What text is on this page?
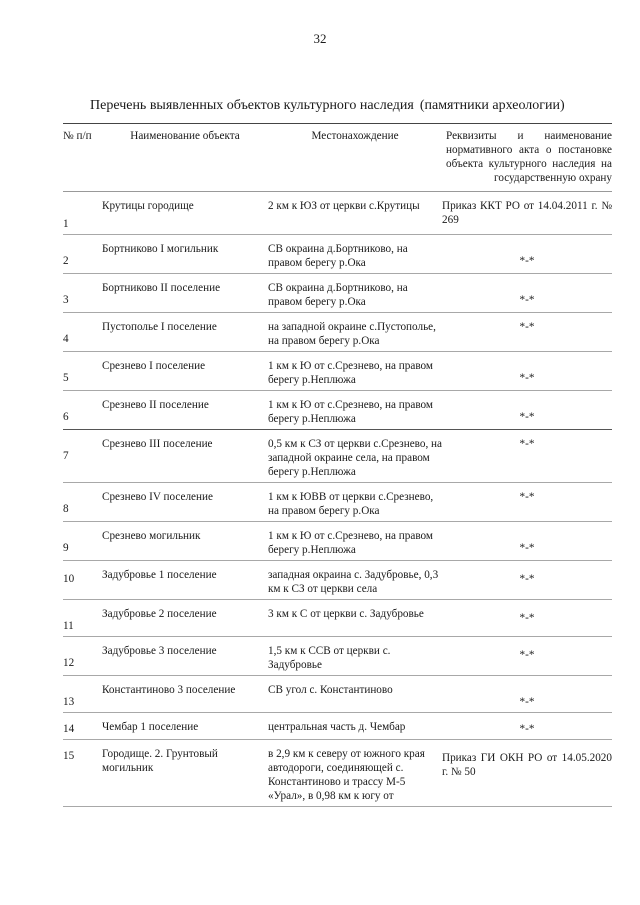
32
Перечень выявленных объектов культурного наследия (памятники археологии)
№ п/п	Наименование объекта	Местонахождение	Реквизиты и наименование нормативного акта о постановке объекта культурного наследия на государственную охрану
1	Крутицы городище	2 км к ЮЗ от церкви с.Крутицы	Приказ ККТ РО от 14.04.2011 г. № 269
2	Бортниково I могильник	СВ окраина д.Бортниково, на правом берегу р.Ока	*-*
3	Бортниково II поселение	СВ окраина д.Бортниково, на правом берегу р.Ока	*-*
4	Пустополье I поселение	на западной окраине с.Пустополье, на правом берегу р.Ока	*-*
5	Срезнево I поселение	1 км к Ю от с.Срезнево, на правом берегу р.Неплюжа	*-*
6	Срезнево II поселение	1 км к Ю от с.Срезнево, на правом берегу р.Неплюжа	*-*
7	Срезнево III поселение	0,5 км к СЗ от церкви с.Срезнево, на западной окраине села, на правом берегу р.Неплюжа	*-*
8	Срезнево IV поселение	1 км к ЮВВ от церкви с.Срезнево, на правом берегу р.Ока	*-*
9	Срезнево могильник	1 км к Ю от с.Срезнево, на правом берегу р.Неплюжа	*-*
10	Задубровье 1 поселение	западная окраина с. Задубровье, 0,3 км к СЗ от церкви села	*-*
11	Задубровье 2 поселение	3 км к С от церкви с. Задубровье	*-*
12	Задубровье 3 поселение	1,5 км к ССВ от церкви с. Задубровье	*-*
13	Константиново 3 поселение	СВ угол с. Константиново	*-*
14	Чембар 1 поселение	центральная часть д. Чембар	*-*
15	Городище. 2. Грунтовый могильник	в 2,9 км к северу от южного края автодороги, соединяющей с. Константиново и трассу М-5 «Урал», в 0,98 км к югу от	Приказ ГИ ОКН РО от 14.05.2020 г. № 50
